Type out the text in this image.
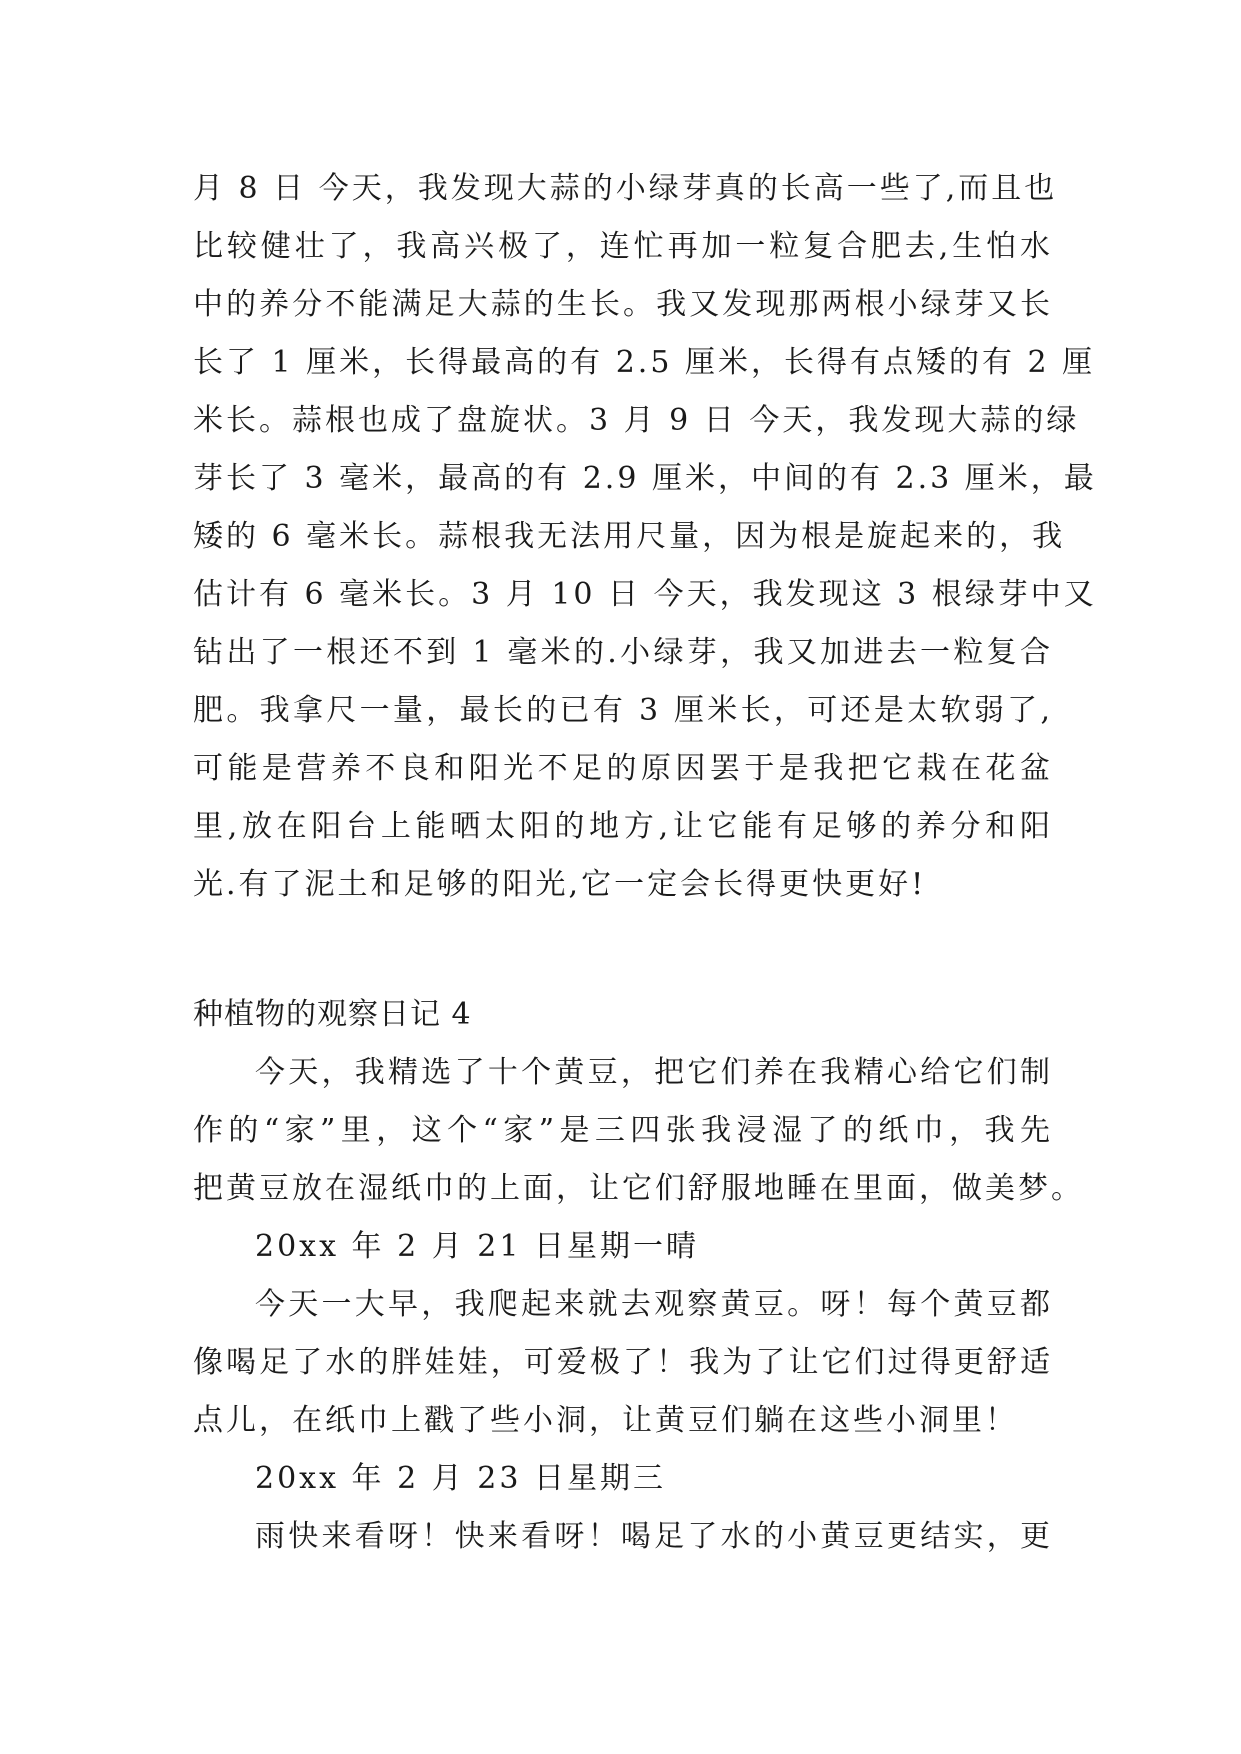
月 8 日 今天，我发现大蒜的小绿芽真的长高一些了,而且也
比较健壮了，我高兴极了，连忙再加一粒复合肥去,生怕水
中的养分不能满足大蒜的生长。我又发现那两根小绿芽又长
长了 1 厘米，长得最高的有 2.5 厘米，长得有点矮的有 2 厘
米长。蒜根也成了盘旋状。3 月 9 日 今天，我发现大蒜的绿
芽长了 3 毫米，最高的有 2.9 厘米，中间的有 2.3 厘米，最
矮的 6 毫米长。蒜根我无法用尺量，因为根是旋起来的，我
估计有 6 毫米长。3 月 10 日 今天，我发现这 3 根绿芽中又
钻出了一根还不到 1 毫米的.小绿芽，我又加进去一粒复合
肥。我拿尺一量，最长的已有 3 厘米长，可还是太软弱了,
可能是营养不良和阳光不足的原因罢于是我把它栽在花盆
里,放在阳台上能晒太阳的地方,让它能有足够的养分和阳
光.有了泥土和足够的阳光,它一定会长得更快更好!
种植物的观察日记 4
今天，我精选了十个黄豆，把它们养在我精心给它们制
作的“家”里，这个“家”是三四张我浸湿了的纸巾，我先
把黄豆放在湿纸巾的上面，让它们舒服地睡在里面，做美梦。
20xx 年 2 月 21 日星期一晴
今天一大早，我爬起来就去观察黄豆。呀！每个黄豆都
像喝足了水的胖娃娃，可爱极了！我为了让它们过得更舒适
点儿，在纸巾上戳了些小洞，让黄豆们躺在这些小洞里！
20xx 年 2 月 23 日星期三
雨快来看呀！快来看呀！喝足了水的小黄豆更结实，更
